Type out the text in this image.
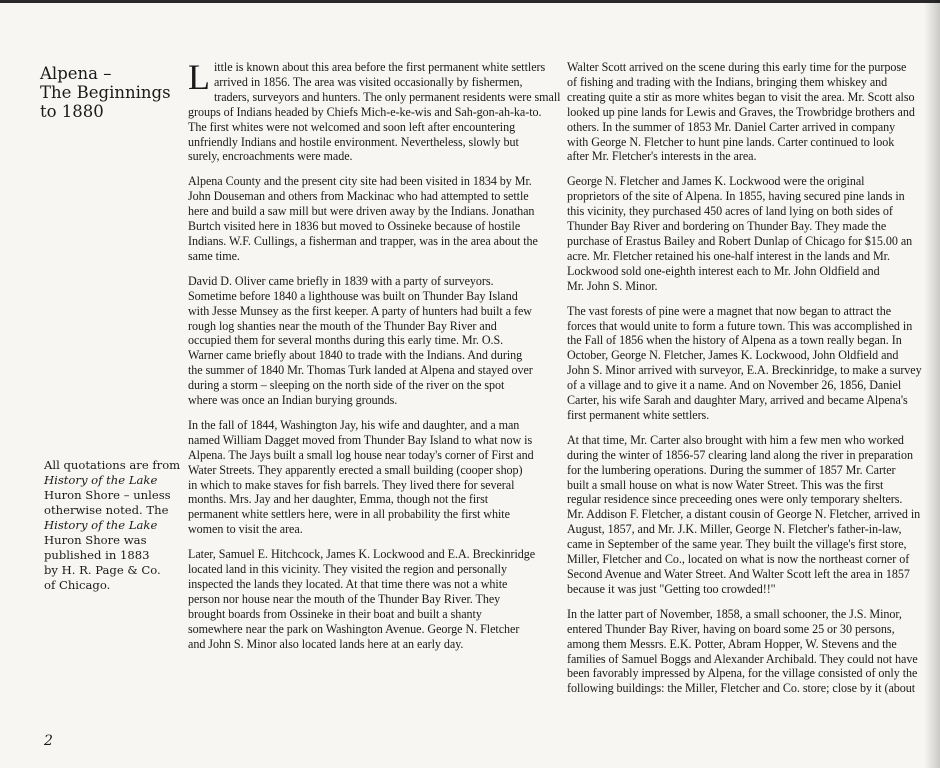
Alpena –
The Beginnings
to 1880
All quotations are from
History of the Lake
Huron Shore – unless
otherwise noted. The
History of the Lake
Huron Shore was
published in 1883
by H. R. Page & Co.
of Chicago.
L ittle is known about this area before the first permanent white settlers
arrived in 1856. The area was visited occasionally by fishermen,
traders, surveyors and hunters. The only permanent residents were small
groups of Indians headed by Chiefs Mich-e-ke-wis and Sah-gon-ah-ka-to.
The first whites were not welcomed and soon left after encountering
unfriendly Indians and hostile environment. Nevertheless, slowly but
surely, encroachments were made.
Alpena County and the present city site had been visited in 1834 by Mr.
John Douseman and others from Mackinac who had attempted to settle
here and build a saw mill but were driven away by the Indians. Jonathan
Burtch visited here in 1836 but moved to Ossineke because of hostile
Indians. W.F. Cullings, a fisherman and trapper, was in the area about the
same time.
David D. Oliver came briefly in 1839 with a party of surveyors.
Sometime before 1840 a lighthouse was built on Thunder Bay Island
with Jesse Munsey as the first keeper. A party of hunters had built a few
rough log shanties near the mouth of the Thunder Bay River and
occupied them for several months during this early time. Mr. O.S.
Warner came briefly about 1840 to trade with the Indians. And during
the summer of 1840 Mr. Thomas Turk landed at Alpena and stayed over
during a storm – sleeping on the north side of the river on the spot
where was once an Indian burying grounds.
In the fall of 1844, Washington Jay, his wife and daughter, and a man
named William Dagget moved from Thunder Bay Island to what now is
Alpena. The Jays built a small log house near today's corner of First and
Water Streets. They apparently erected a small building (cooper shop)
in which to make staves for fish barrels. They lived there for several
months. Mrs. Jay and her daughter, Emma, though not the first
permanent white settlers here, were in all probability the first white
women to visit the area.
Later, Samuel E. Hitchcock, James K. Lockwood and E.A. Breckinridge
located land in this vicinity. They visited the region and personally
inspected the lands they located. At that time there was not a white
person nor house near the mouth of the Thunder Bay River. They
brought boards from Ossineke in their boat and built a shanty
somewhere near the park on Washington Avenue. George N. Fletcher
and John S. Minor also located lands here at an early day.
Walter Scott arrived on the scene during this early time for the purpose
of fishing and trading with the Indians, bringing them whiskey and
creating quite a stir as more whites began to visit the area. Mr. Scott also
looked up pine lands for Lewis and Graves, the Trowbridge brothers and
others. In the summer of 1853 Mr. Daniel Carter arrived in company
with George N. Fletcher to hunt pine lands. Carter continued to look
after Mr. Fletcher's interests in the area.
George N. Fletcher and James K. Lockwood were the original
proprietors of the site of Alpena. In 1855, having secured pine lands in
this vicinity, they purchased 450 acres of land lying on both sides of
Thunder Bay River and bordering on Thunder Bay. They made the
purchase of Erastus Bailey and Robert Dunlap of Chicago for $15.00 an
acre. Mr. Fletcher retained his one-half interest in the lands and Mr.
Lockwood sold one-eighth interest each to Mr. John Oldfield and
Mr. John S. Minor.
The vast forests of pine were a magnet that now began to attract the
forces that would unite to form a future town. This was accomplished in
the Fall of 1856 when the history of Alpena as a town really began. In
October, George N. Fletcher, James K. Lockwood, John Oldfield and
John S. Minor arrived with surveyor, E.A. Breckinridge, to make a survey
of a village and to give it a name. And on November 26, 1856, Daniel
Carter, his wife Sarah and daughter Mary, arrived and became Alpena's
first permanent white settlers.
At that time, Mr. Carter also brought with him a few men who worked
during the winter of 1856-57 clearing land along the river in preparation
for the lumbering operations. During the summer of 1857 Mr. Carter
built a small house on what is now Water Street. This was the first
regular residence since preceeding ones were only temporary shelters.
Mr. Addison F. Fletcher, a distant cousin of George N. Fletcher, arrived in
August, 1857, and Mr. J.K. Miller, George N. Fletcher's father-in-law,
came in September of the same year. They built the village's first store,
Miller, Fletcher and Co., located on what is now the northeast corner of
Second Avenue and Water Street. And Walter Scott left the area in 1857
because it was just "Getting too crowded!!"
In the latter part of November, 1858, a small schooner, the J.S. Minor,
entered Thunder Bay River, having on board some 25 or 30 persons,
among them Messrs. E.K. Potter, Abram Hopper, W. Stevens and the
families of Samuel Boggs and Alexander Archibald. They could not have
been favorably impressed by Alpena, for the village consisted of only the
following buildings: the Miller, Fletcher and Co. store; close by it (about
2
